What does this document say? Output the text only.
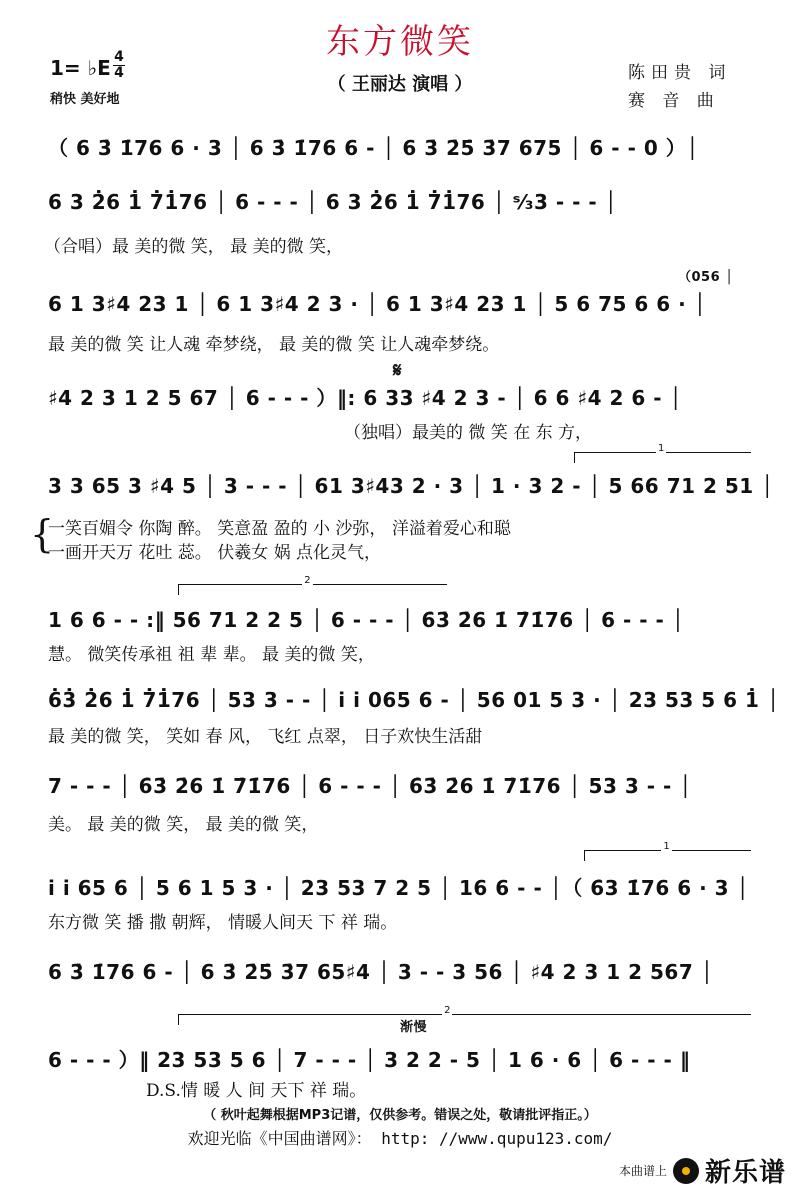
东方微笑
（ 王丽达 演唱 ）
1= ♭E 4
4
稍快 美好地
陈田贵 词
赛 音 曲
{
（ 6 3̇ 1̇76 6 · 3 │ 6 3̇ 1̇76 6 - │ 6 3̇ 2̇5̇ 3̇7 675 │ 6 - - 0 ）│
6 3 2̇6 1̇ 7̇1̇76 │ 6 - - - │ 6 3 2̇6 1̇ 7̇1̇76 │ ˢ⁄₃3 - - - │
（合唱）最 美的微 笑， 最 美的微 笑，
6 1 3♯4 23 1 │ 6 1 3♯4 2 3 · │ 6 1 3♯4 23 1 │ 5 6 75 6 6 · │
最 美的微 笑 让人魂 牵梦绕， 最 美的微 笑 让人魂牵梦绕。
（056 │
♯4 2 3 1 2 5 67 │ 6 - - - ）‖: 6 33 ♯4 2 3 - │ 6 6 ♯4 2 6 - │
（独唱）最美的 微 笑 在 东 方，
𝄋
3 3 65 3 ♯4 5 │ 3 - - - │ 61 3♯43 2 · 3 │ 1 · 3 2 - │ 5 66 71 2 51 │
一笑百媚令 你陶 醉。 笑意盈 盈的 小 沙弥， 洋溢着爱心和聪
一画开天万 花吐 蕊。 伏羲女 娲 点化灵气，
1 6 6 - - :‖ 56 71 2 2 5 │ 6 - - - │ 6̇3̇ 2̇6 1̇ 7̇1̇76 │ 6 - - - │
慧。 微笑传承祖 祖 辈 辈。 最 美的微 笑，
6̇3̇ 2̇6 1̇ 7̇1̇76 │ 53 3 - - │ i i 065 6 - │ 56 01 5 3 · │ 23 53 5 6 1̇ │
最 美的微 笑， 笑如 春 风， 飞红 点翠， 日子欢快生活甜
7 - - - │ 6̇3̇ 2̇6 1̇ 7̇1̇76 │ 6 - - - │ 6̇3̇ 2̇6 1̇ 7̇1̇76 │ 53 3 - - │
美。 最 美的微 笑， 最 美的微 笑，
i i 65 6 │ 5 6 1 5 3 · │ 23 53 7 2 5 │ 16 6 - - │（ 6̇3 1̇76 6 · 3 │
东方微 笑 播 撒 朝辉， 情暖人间天 下 祥 瑞。
6 3̇ 1̇76 6 - │ 6 3̇ 2̇5̇ 3̇7 65♯4 │ 3 - - 3 56 │ ♯4 2 3 1 2 567 │
6 - - - ）‖ 23 53 5 6 │ 7 - - - │ 3 2 2 - 5 │ 1 6 · 6 │ 6 - - - ‖
D.S.情 暖 人 间 天下 祥 瑞。
渐慢
1
2
1
2
（ 秋叶起舞根据MP3记谱，仅供参考。错误之处，敬请批评指正。）
欢迎光临《中国曲谱网》： http: //www.qupu123.com/
本曲谱上 新乐谱
